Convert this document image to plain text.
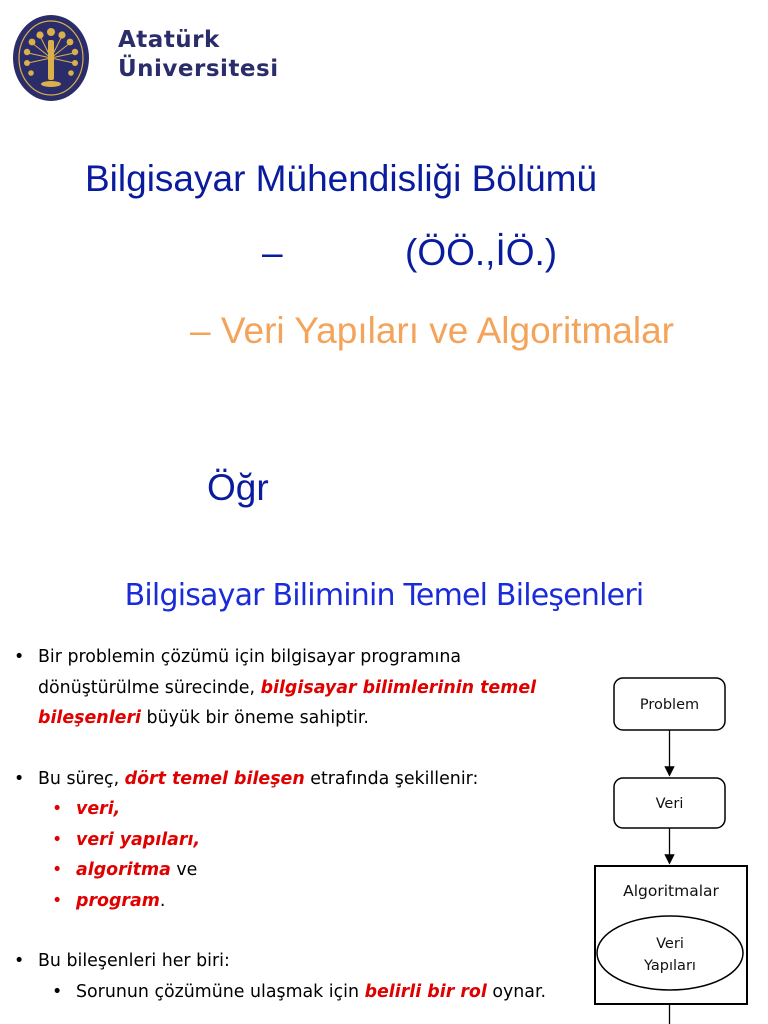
Atatürk
Üniversitesi
Bilgisayar Mühendisliği Bölümü
–	(ÖÖ.,İÖ.)
– Veri Yapıları ve Algoritmalar
Öğr
Bilgisayar Biliminin Temel Bileşenleri
• Bir problemin çözümü için bilgisayar programına dönüştürülme sürecinde, bilgisayar bilimlerinin temel bileşenleri büyük bir öneme sahiptir.
• Bu süreç, dört temel bileşen etrafında şekillenir:
• veri,
• veri yapıları,
• algoritma ve
• program.
• Bu bileşenleri her biri:
• Sorunun çözümüne ulaşmak için belirli bir rol oynar.
Problem
Veri
Algoritmalar
Veri
Yapıları
